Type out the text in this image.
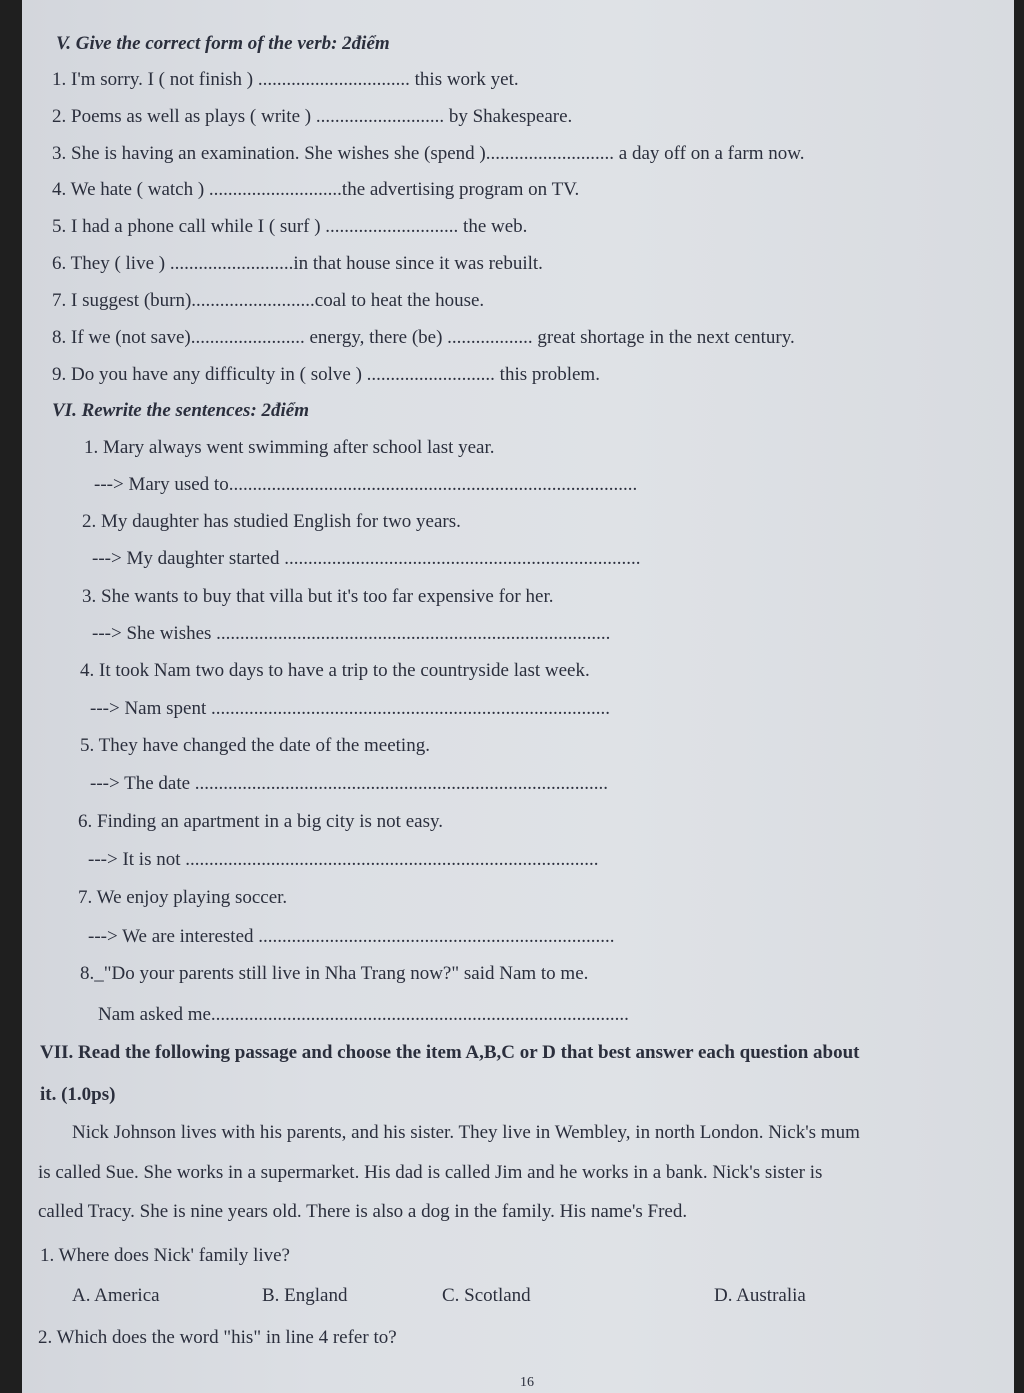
V. Give the correct form of the verb: 2điểm
1. I'm sorry. I ( not finish ) ................................ this work yet.
2. Poems as well as plays ( write ) ........................... by Shakespeare.
3. She is having an examination. She wishes she (spend )........................... a day off on a farm now.
4. We hate ( watch ) ............................the advertising program on TV.
5. I had a phone call while I ( surf ) ............................ the web.
6. They ( live ) ..........................in that house since it was rebuilt.
7. I suggest (burn)..........................coal to heat the house.
8. If we (not save)........................ energy, there (be) .................. great shortage in the next century.
9. Do you have any difficulty in ( solve ) ........................... this problem.
VI. Rewrite the sentences: 2điểm
1. Mary always went swimming after school last year.
---> Mary used to......................................................................................
2. My daughter has studied English for two years.
---> My daughter started ...........................................................................
3. She wants to buy that villa but it's too far expensive for her.
---> She wishes ...................................................................................
4. It took Nam two days to have a trip to the countryside last week.
---> Nam spent ....................................................................................
5. They have changed the date of the meeting.
---> The date .......................................................................................
6. Finding an apartment in a big city is not easy.
---> It is not .......................................................................................
7. We enjoy playing soccer.
---> We are interested ...........................................................................
8._"Do your parents still live in Nha Trang now?" said Nam to me.
Nam asked me........................................................................................
VII. Read the following passage and choose the item A,B,C or D that best answer each question about
it. (1.0ps)
Nick Johnson lives with his parents, and his sister. They live in Wembley, in north London. Nick's mum
is called Sue. She works in a supermarket. His dad is called Jim and he works in a bank. Nick's sister is
called Tracy. She is nine years old. There is also a dog in the family. His name's Fred.
1. Where does Nick' family live?
A. America	B. England	C. Scotland	D. Australia
2. Which does the word "his" in line 4 refer to?
16
